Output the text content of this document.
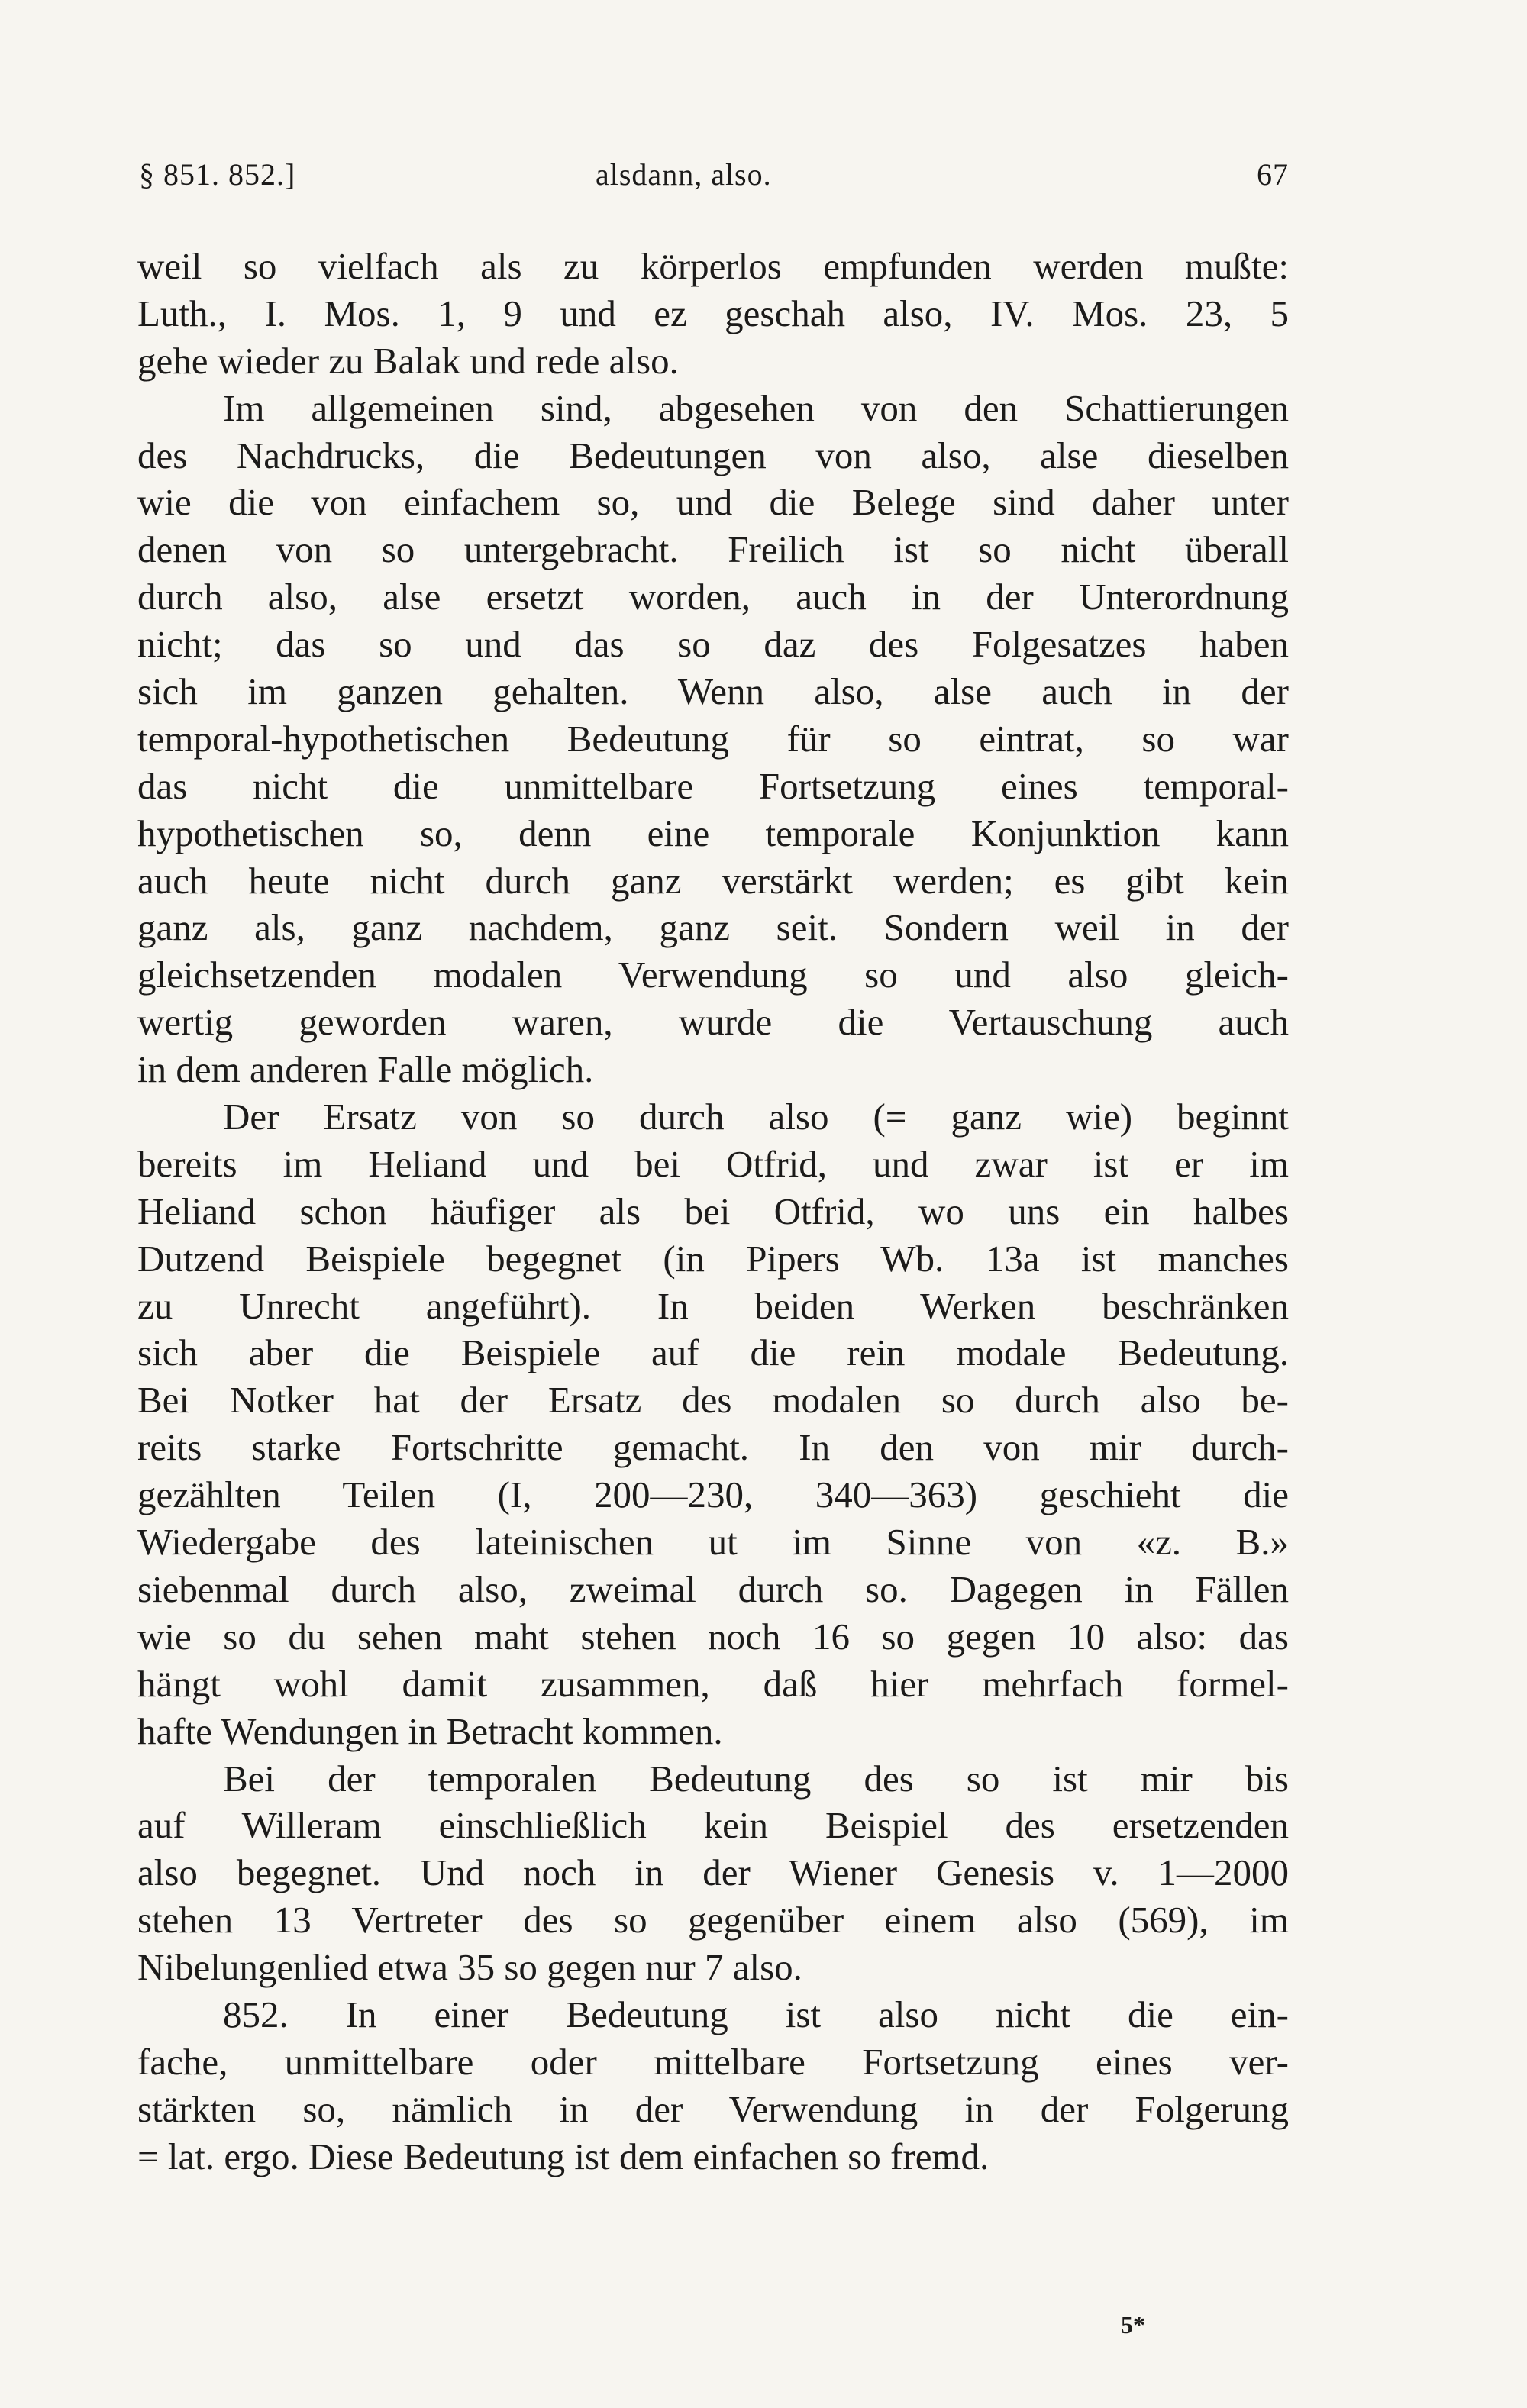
§ 851. 852.]	alsdann, also.	67
weil so vielfach als zu körperlos empfunden werden mußte:
Luth., I. Mos. 1, 9 und ez geschah also, IV. Mos. 23, 5
gehe wieder zu Balak und rede also.
Im allgemeinen sind, abgesehen von den Schattierungen
des Nachdrucks, die Bedeutungen von also, alse dieselben
wie die von einfachem so, und die Belege sind daher unter
denen von so untergebracht. Freilich ist so nicht überall
durch also, alse ersetzt worden, auch in der Unterordnung
nicht; das so und das so daz des Folgesatzes haben
sich im ganzen gehalten. Wenn also, alse auch in der
temporal-hypothetischen Bedeutung für so eintrat, so war
das nicht die unmittelbare Fortsetzung eines temporal-
hypothetischen so, denn eine temporale Konjunktion kann
auch heute nicht durch ganz verstärkt werden; es gibt kein
ganz als, ganz nachdem, ganz seit. Sondern weil in der
gleichsetzenden modalen Verwendung so und also gleich-
wertig geworden waren, wurde die Vertauschung auch
in dem anderen Falle möglich.
Der Ersatz von so durch also (= ganz wie) beginnt
bereits im Heliand und bei Otfrid, und zwar ist er im
Heliand schon häufiger als bei Otfrid, wo uns ein halbes
Dutzend Beispiele begegnet (in Pipers Wb. 13a ist manches
zu Unrecht angeführt). In beiden Werken beschränken
sich aber die Beispiele auf die rein modale Bedeutung.
Bei Notker hat der Ersatz des modalen so durch also be-
reits starke Fortschritte gemacht. In den von mir durch-
gezählten Teilen (I, 200—230, 340—363) geschieht die
Wiedergabe des lateinischen ut im Sinne von «z. B.»
siebenmal durch also, zweimal durch so. Dagegen in Fällen
wie so du sehen maht stehen noch 16 so gegen 10 also: das
hängt wohl damit zusammen, daß hier mehrfach formel-
hafte Wendungen in Betracht kommen.
Bei der temporalen Bedeutung des so ist mir bis
auf Willeram einschließlich kein Beispiel des ersetzenden
also begegnet. Und noch in der Wiener Genesis v. 1—2000
stehen 13 Vertreter des so gegenüber einem also (569), im
Nibelungenlied etwa 35 so gegen nur 7 also.
852. In einer Bedeutung ist also nicht die ein-
fache, unmittelbare oder mittelbare Fortsetzung eines ver-
stärkten so, nämlich in der Verwendung in der Folgerung
= lat. ergo. Diese Bedeutung ist dem einfachen so fremd.
5*
